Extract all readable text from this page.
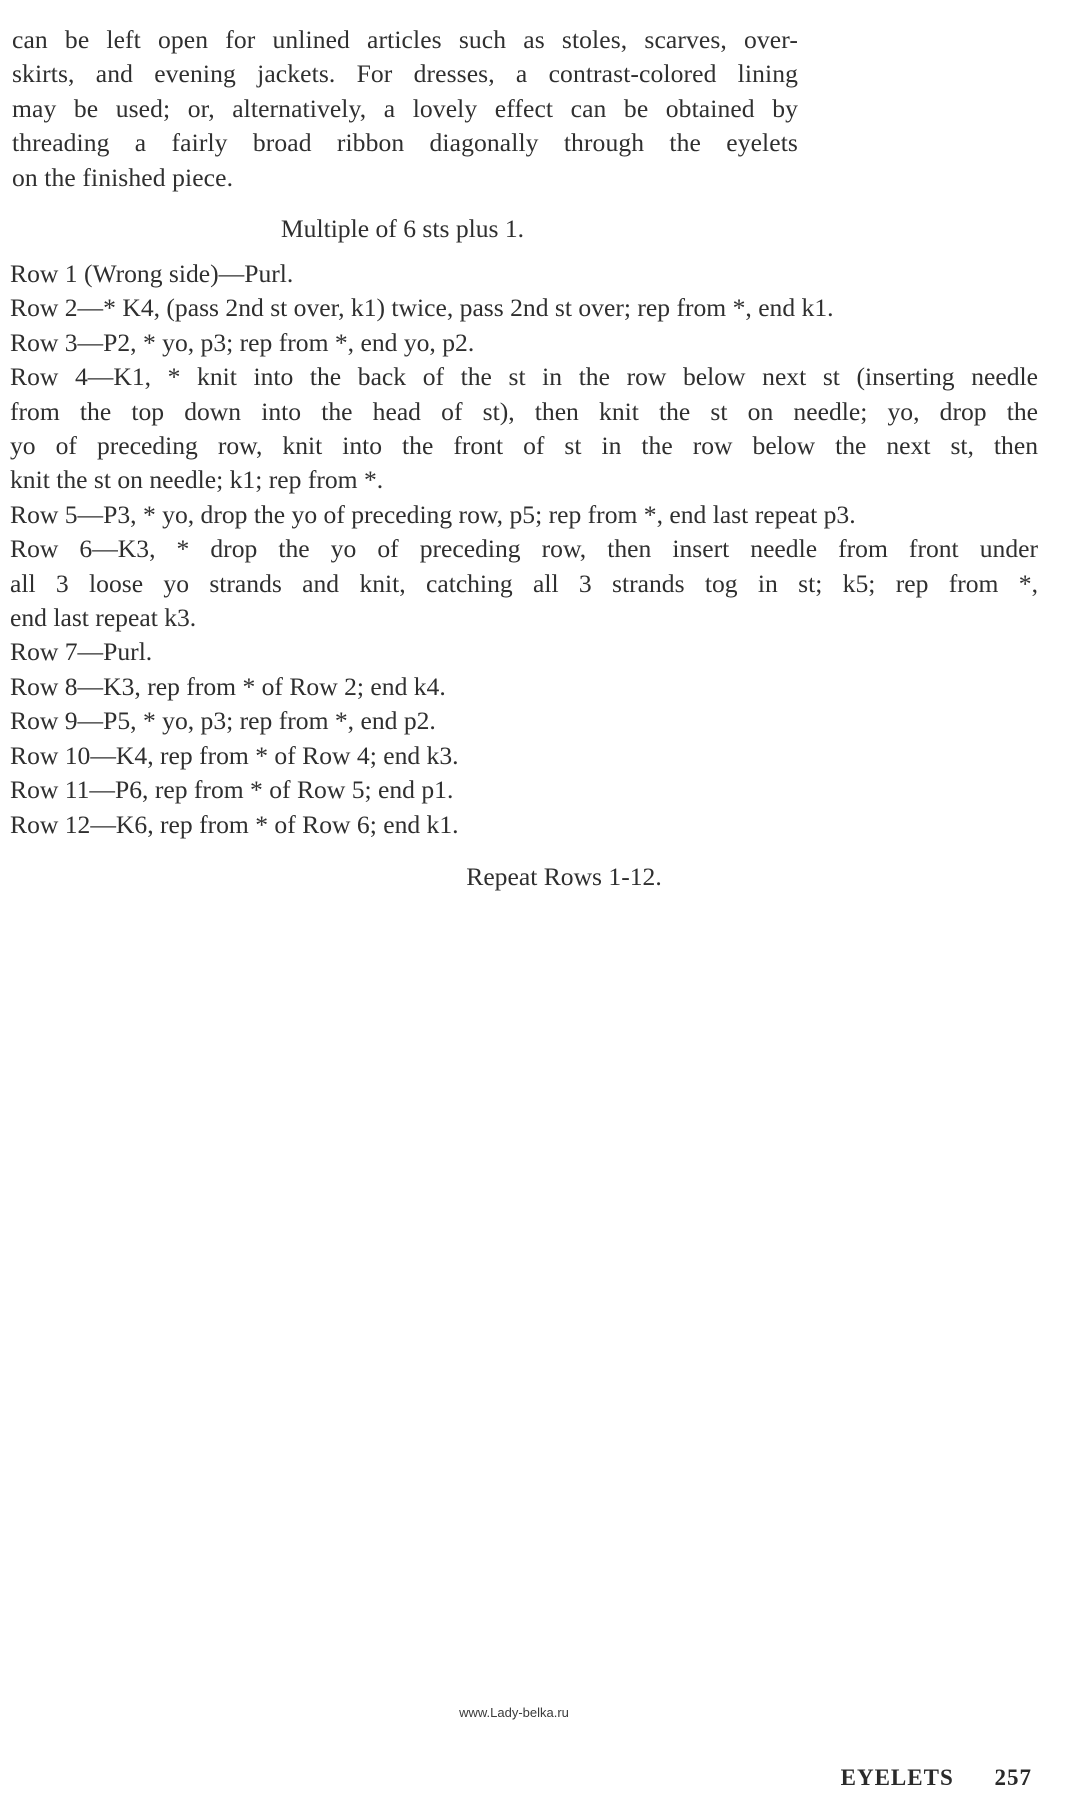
can be left open for unlined articles such as stoles, scarves, over-
skirts, and evening jackets. For dresses, a contrast-colored lining
may be used; or, alternatively, a lovely effect can be obtained by
threading a fairly broad ribbon diagonally through the eyelets
on the finished piece.

Multiple of 6 sts plus 1.
Row 1 (Wrong side)—Purl.
Row 2—* K4, (pass 2nd st over, k1) twice, pass 2nd st over; rep from *, end k1.
Row 3—P2, * yo, p3; rep from *, end yo, p2.
Row 4—K1, * knit into the back of the st in the row below next st (inserting needle
from the top down into the head of st), then knit the st on needle; yo, drop the
yo of preceding row, knit into the front of st in the row below the next st, then
knit the st on needle; k1; rep from *.
Row 5—P3, * yo, drop the yo of preceding row, p5; rep from *, end last repeat p3.
Row 6—K3, * drop the yo of preceding row, then insert needle from front under
all 3 loose yo strands and knit, catching all 3 strands tog in st; k5; rep from *,
end last repeat k3.
Row 7—Purl.
Row 8—K3, rep from * of Row 2; end k4.
Row 9—P5, * yo, p3; rep from *, end p2.
Row 10—K4, rep from * of Row 4; end k3.
Row 11—P6, rep from * of Row 5; end p1.
Row 12—K6, rep from * of Row 6; end k1.
Repeat Rows 1-12.
www.Lady-belka.ru
EYELETS 257
